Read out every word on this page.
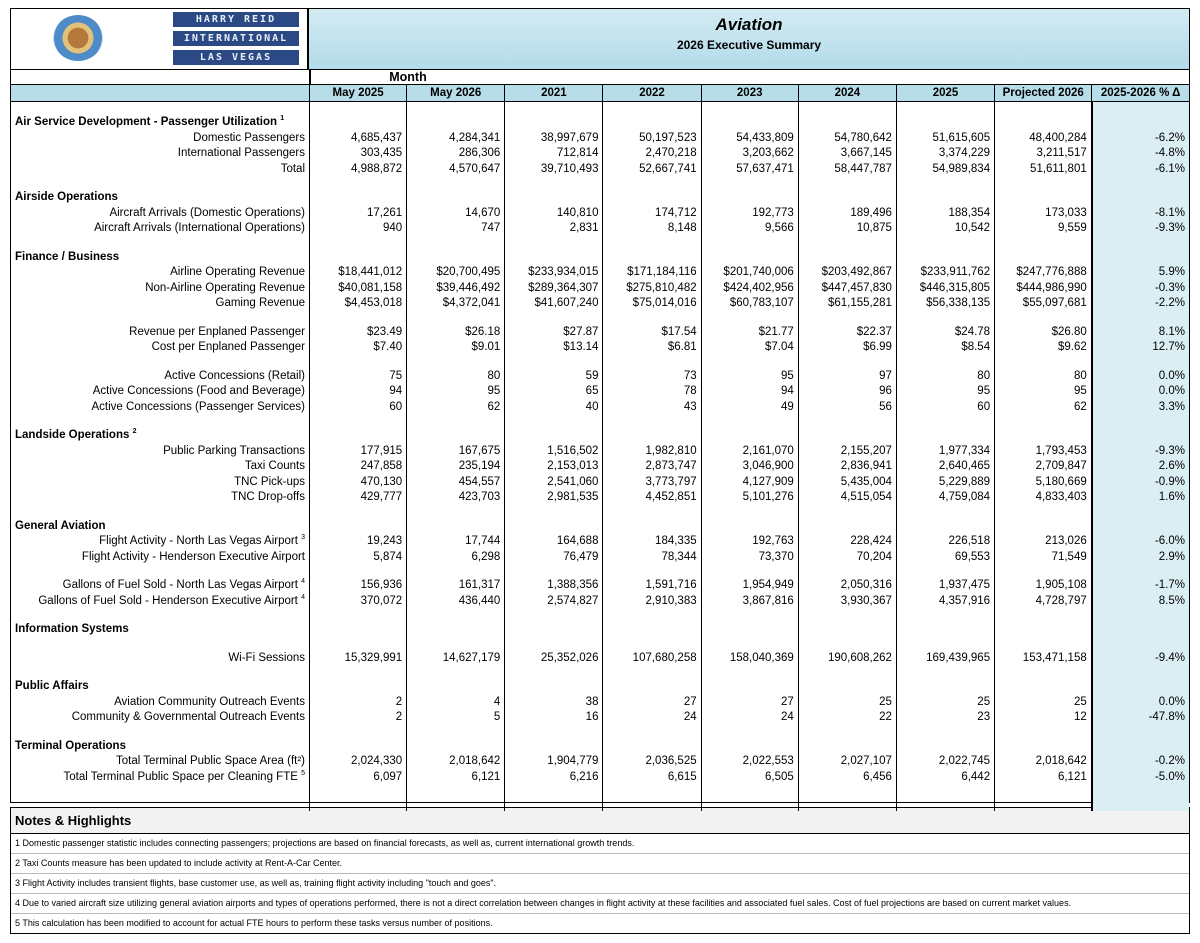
HARRY REID
INTERNATIONAL
LAS VEGAS
Aviation
2026 Executive Summary
Month
	May 2025	May 2026	2021	2022	2023	2024	2025	Projected 2026	2025-2026 % Δ

Air Service Development - Passenger Utilization $^1$									
Domestic Passengers	4,685,437	4,284,341	38,997,679	50,197,523	54,433,809	54,780,642	51,615,605	48,400,284	-6.2%
International Passengers	303,435	286,306	712,814	2,470,218	3,203,662	3,667,145	3,374,229	3,211,517	-4.8%
Total	4,988,872	4,570,647	39,710,493	52,667,741	57,637,471	58,447,787	54,989,834	51,611,801	-6.1%

Airside Operations									
Aircraft Arrivals (Domestic Operations)	17,261	14,670	140,810	174,712	192,773	189,496	188,354	173,033	-8.1%
Aircraft Arrivals (International Operations)	940	747	2,831	8,148	9,566	10,875	10,542	9,559	-9.3%

Finance / Business									
Airline Operating Revenue	$18,441,012	$20,700,495	$233,934,015	$171,184,116	$201,740,006	$203,492,867	$233,911,762	$247,776,888	5.9%
Non-Airline Operating Revenue	$40,081,158	$39,446,492	$289,364,307	$275,810,482	$424,402,956	$447,457,830	$446,315,805	$444,986,990	-0.3%
Gaming Revenue	$4,453,018	$4,372,041	$41,607,240	$75,014,016	$60,783,107	$61,155,281	$56,338,135	$55,097,681	-2.2%

Revenue per Enplaned Passenger	$23.49	$26.18	$27.87	$17.54	$21.77	$22.37	$24.78	$26.80	8.1%
Cost per Enplaned Passenger	$7.40	$9.01	$13.14	$6.81	$7.04	$6.99	$8.54	$9.62	12.7%

Active Concessions (Retail)	75	80	59	73	95	97	80	80	0.0%
Active Concessions (Food and Beverage)	94	95	65	78	94	96	95	95	0.0%
Active Concessions (Passenger Services)	60	62	40	43	49	56	60	62	3.3%

Landside Operations $^2$									
Public Parking Transactions	177,915	167,675	1,516,502	1,982,810	2,161,070	2,155,207	1,977,334	1,793,453	-9.3%
Taxi Counts	247,858	235,194	2,153,013	2,873,747	3,046,900	2,836,941	2,640,465	2,709,847	2.6%
TNC Pick-ups	470,130	454,557	2,541,060	3,773,797	4,127,909	5,435,004	5,229,889	5,180,669	-0.9%
TNC Drop-offs	429,777	423,703	2,981,535	4,452,851	5,101,276	4,515,054	4,759,084	4,833,403	1.6%

General Aviation									
Flight Activity - North Las Vegas Airport $^3$	19,243	17,744	164,688	184,335	192,763	228,424	226,518	213,026	-6.0%
Flight Activity - Henderson Executive Airport	5,874	6,298	76,479	78,344	73,370	70,204	69,553	71,549	2.9%

Gallons of Fuel Sold - North Las Vegas Airport $^4$	156,936	161,317	1,388,356	1,591,716	1,954,949	2,050,316	1,937,475	1,905,108	-1.7%
Gallons of Fuel Sold - Henderson Executive Airport $^4$	370,072	436,440	2,574,827	2,910,383	3,867,816	3,930,367	4,357,916	4,728,797	8.5%

Information Systems									

Wi-Fi Sessions	15,329,991	14,627,179	25,352,026	107,680,258	158,040,369	190,608,262	169,439,965	153,471,158	-9.4%

Public Affairs									
Aviation Community Outreach Events	2	4	38	27	27	25	25	25	0.0%
Community & Governmental Outreach Events	2	5	16	24	24	22	23	12	-47.8%

Terminal Operations									
Total Terminal Public Space Area (ft²)	2,024,330	2,018,642	1,904,779	2,036,525	2,022,553	2,027,107	2,022,745	2,018,642	-0.2%
Total Terminal Public Space per Cleaning FTE $^5$	6,097	6,121	6,216	6,615	6,505	6,456	6,442	6,121	-5.0%

Notes & Highlights
1 Domestic passenger statistic includes connecting passengers; projections are based on financial forecasts, as well as, current international growth trends.
2 Taxi Counts measure has been updated to include activity at Rent-A-Car Center.
3 Flight Activity includes transient flights, base customer use, as well as, training flight activity including "touch and goes".
4 Due to varied aircraft size utilizing general aviation airports and types of operations performed, there is not a direct correlation between changes in flight activity at these facilities and associated fuel sales. Cost of fuel projections are based on current market values.
5 This calculation has been modified to account for actual FTE hours to perform these tasks versus number of positions.
